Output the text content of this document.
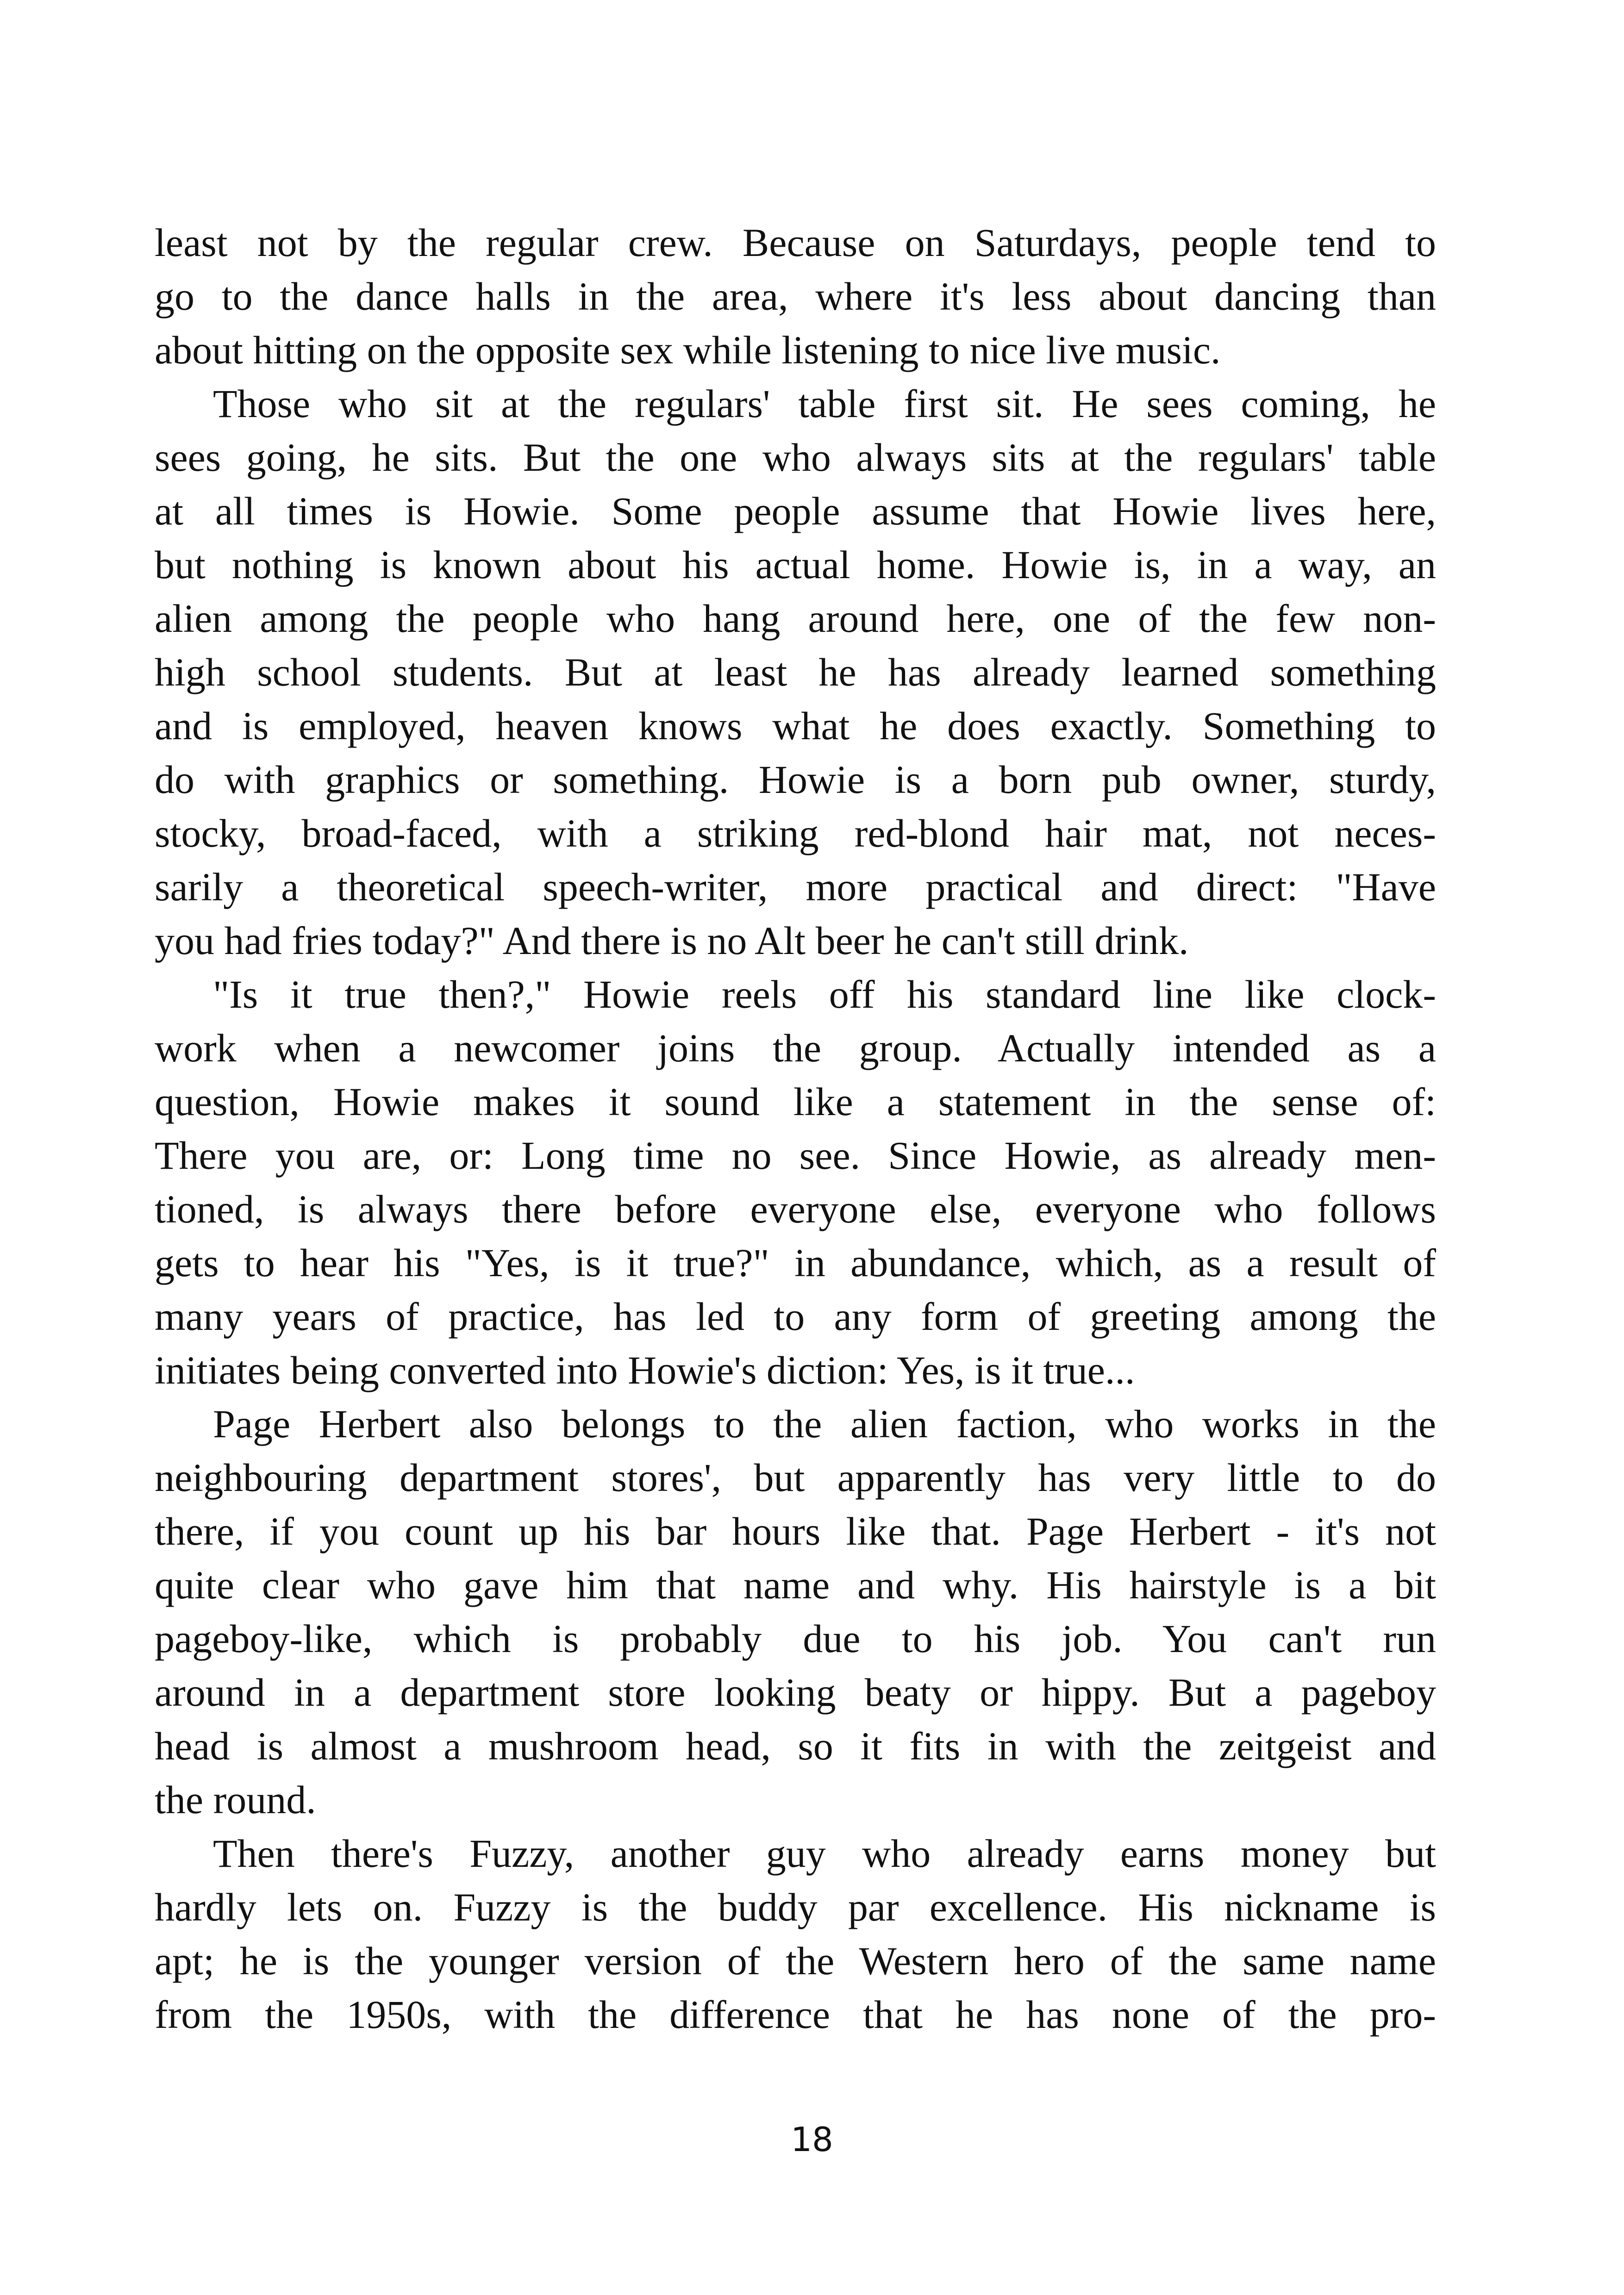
least not by the regular crew. Because on Saturdays, people tend to
go to the dance halls in the area, where it's less about dancing than
about hitting on the opposite sex while listening to nice live music.
Those who sit at the regulars' table first sit. He sees coming, he
sees going, he sits. But the one who always sits at the regulars' table
at all times is Howie. Some people assume that Howie lives here,
but nothing is known about his actual home. Howie is, in a way, an
alien among the people who hang around here, one of the few non-
high school students. But at least he has already learned something
and is employed, heaven knows what he does exactly. Something to
do with graphics or something. Howie is a born pub owner, sturdy,
stocky, broad-faced, with a striking red-blond hair mat, not neces-
sarily a theoretical speech-writer, more practical and direct: "Have
you had fries today?" And there is no Alt beer he can't still drink.
"Is it true then?," Howie reels off his standard line like clock-
work when a newcomer joins the group. Actually intended as a
question, Howie makes it sound like a statement in the sense of:
There you are, or: Long time no see. Since Howie, as already men-
tioned, is always there before everyone else, everyone who follows
gets to hear his "Yes, is it true?" in abundance, which, as a result of
many years of practice, has led to any form of greeting among the
initiates being converted into Howie's diction: Yes, is it true...
Page Herbert also belongs to the alien faction, who works in the
neighbouring department stores', but apparently has very little to do
there, if you count up his bar hours like that. Page Herbert - it's not
quite clear who gave him that name and why. His hairstyle is a bit
pageboy-like, which is probably due to his job. You can't run
around in a department store looking beaty or hippy. But a pageboy
head is almost a mushroom head, so it fits in with the zeitgeist and
the round.
Then there's Fuzzy, another guy who already earns money but
hardly lets on. Fuzzy is the buddy par excellence. His nickname is
apt; he is the younger version of the Western hero of the same name
from the 1950s, with the difference that he has none of the pro-
18
